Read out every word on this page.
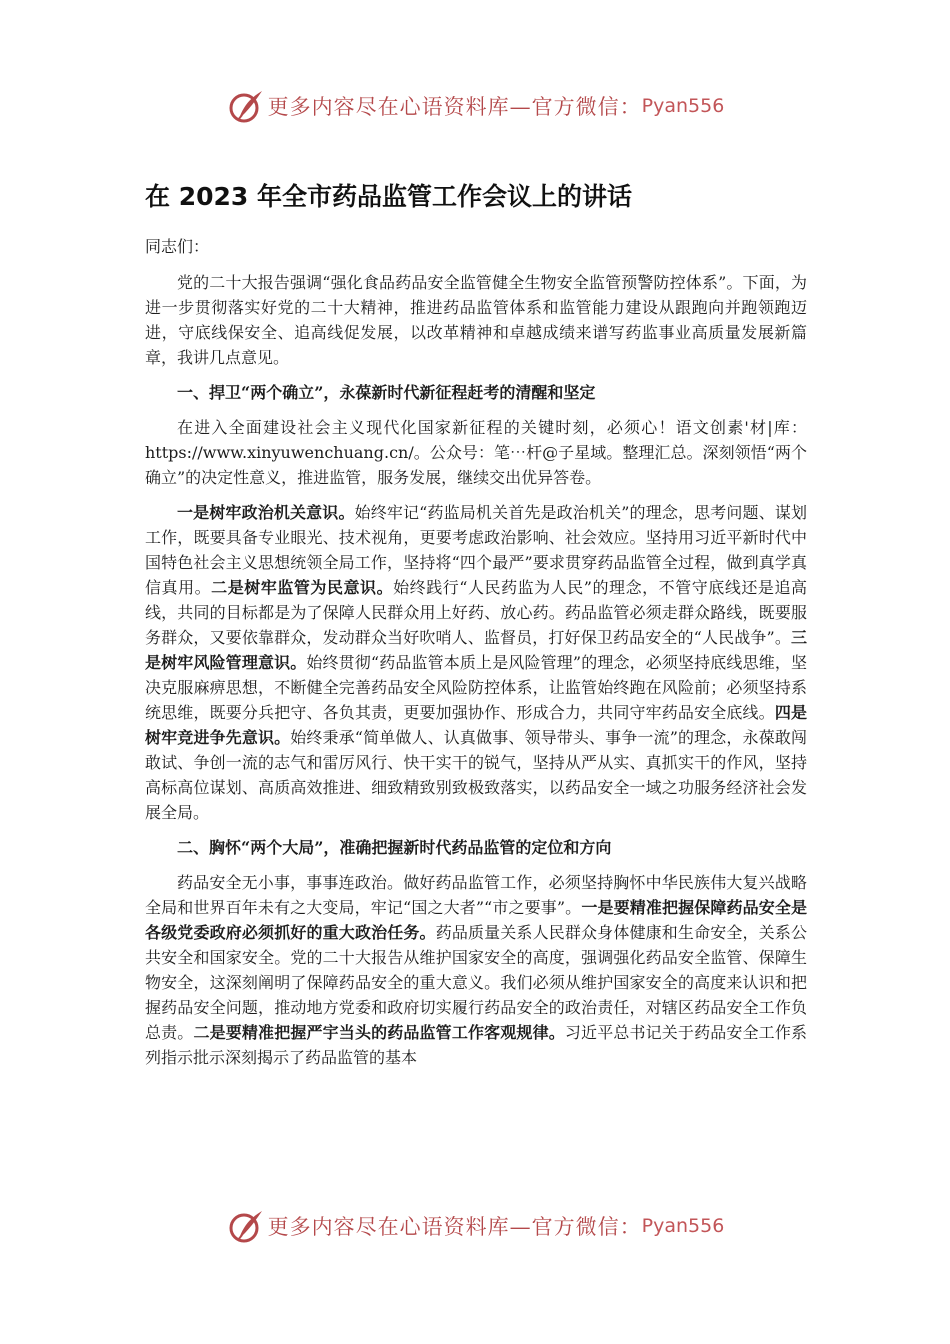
更多内容尽在心语资料库—官方微信： Pyan556
在 2023 年全市药品监管工作会议上的讲话
同志们：

党的二十大报告强调“强化食品药品安全监管健全生物安全监管预警防控体系”。下面，为进一步贯彻落实好党的二十大精神，推进药品监管体系和监管能力建设从跟跑向并跑领跑迈进，守底线保安全、追高线促发展，以改革精神和卓越成绩来谱写药监事业高质量发展新篇章，我讲几点意见。

一、捍卫“两个确立”，永葆新时代新征程赶考的清醒和坚定

在进入全面建设社会主义现代化国家新征程的关键时刻，必须心！语文创素'材|库：https://www.xinyuwenchuang.cn/。公众号：笔⋯杆@子星域。整理汇总。深刻领悟“两个确立”的决定性意义，推进监管，服务发展，继续交出优异答卷。

一是树牢政治机关意识。始终牢记“药监局机关首先是政治机关”的理念，思考问题、谋划工作，既要具备专业眼光、技术视角，更要考虑政治影响、社会效应。坚持用习近平新时代中国特色社会主义思想统领全局工作，坚持将“四个最严”要求贯穿药品监管全过程，做到真学真信真用。二是树牢监管为民意识。始终践行“人民药监为人民”的理念，不管守底线还是追高线，共同的目标都是为了保障人民群众用上好药、放心药。药品监管必须走群众路线，既要服务群众，又要依靠群众，发动群众当好吹哨人、监督员，打好保卫药品安全的“人民战争”。三是树牢风险管理意识。始终贯彻“药品监管本质上是风险管理”的理念，必须坚持底线思维，坚决克服麻痹思想，不断健全完善药品安全风险防控体系，让监管始终跑在风险前；必须坚持系统思维，既要分兵把守、各负其责，更要加强协作、形成合力，共同守牢药品安全底线。四是树牢竞进争先意识。始终秉承“简单做人、认真做事、领导带头、事争一流”的理念，永葆敢闯敢试、争创一流的志气和雷厉风行、快干实干的锐气，坚持从严从实、真抓实干的作风，坚持高标高位谋划、高质高效推进、细致精致别致极致落实，以药品安全一域之功服务经济社会发展全局。

二、胸怀“两个大局”，准确把握新时代药品监管的定位和方向

药品安全无小事，事事连政治。做好药品监管工作，必须坚持胸怀中华民族伟大复兴战略全局和世界百年未有之大变局，牢记“国之大者”“市之要事”。一是要精准把握保障药品安全是各级党委政府必须抓好的重大政治任务。药品质量关系人民群众身体健康和生命安全，关系公共安全和国家安全。党的二十大报告从维护国家安全的高度，强调强化药品安全监管、保障生物安全，这深刻阐明了保障药品安全的重大意义。我们必须从维护国家安全的高度来认识和把握药品安全问题，推动地方党委和政府切实履行药品安全的政治责任，对辖区药品安全工作负总责。二是要精准把握严宇当头的药品监管工作客观规律。习近平总书记关于药品安全工作系列指示批示深刻揭示了药品监管的基本

更多内容尽在心语资料库—官方微信： Pyan556
